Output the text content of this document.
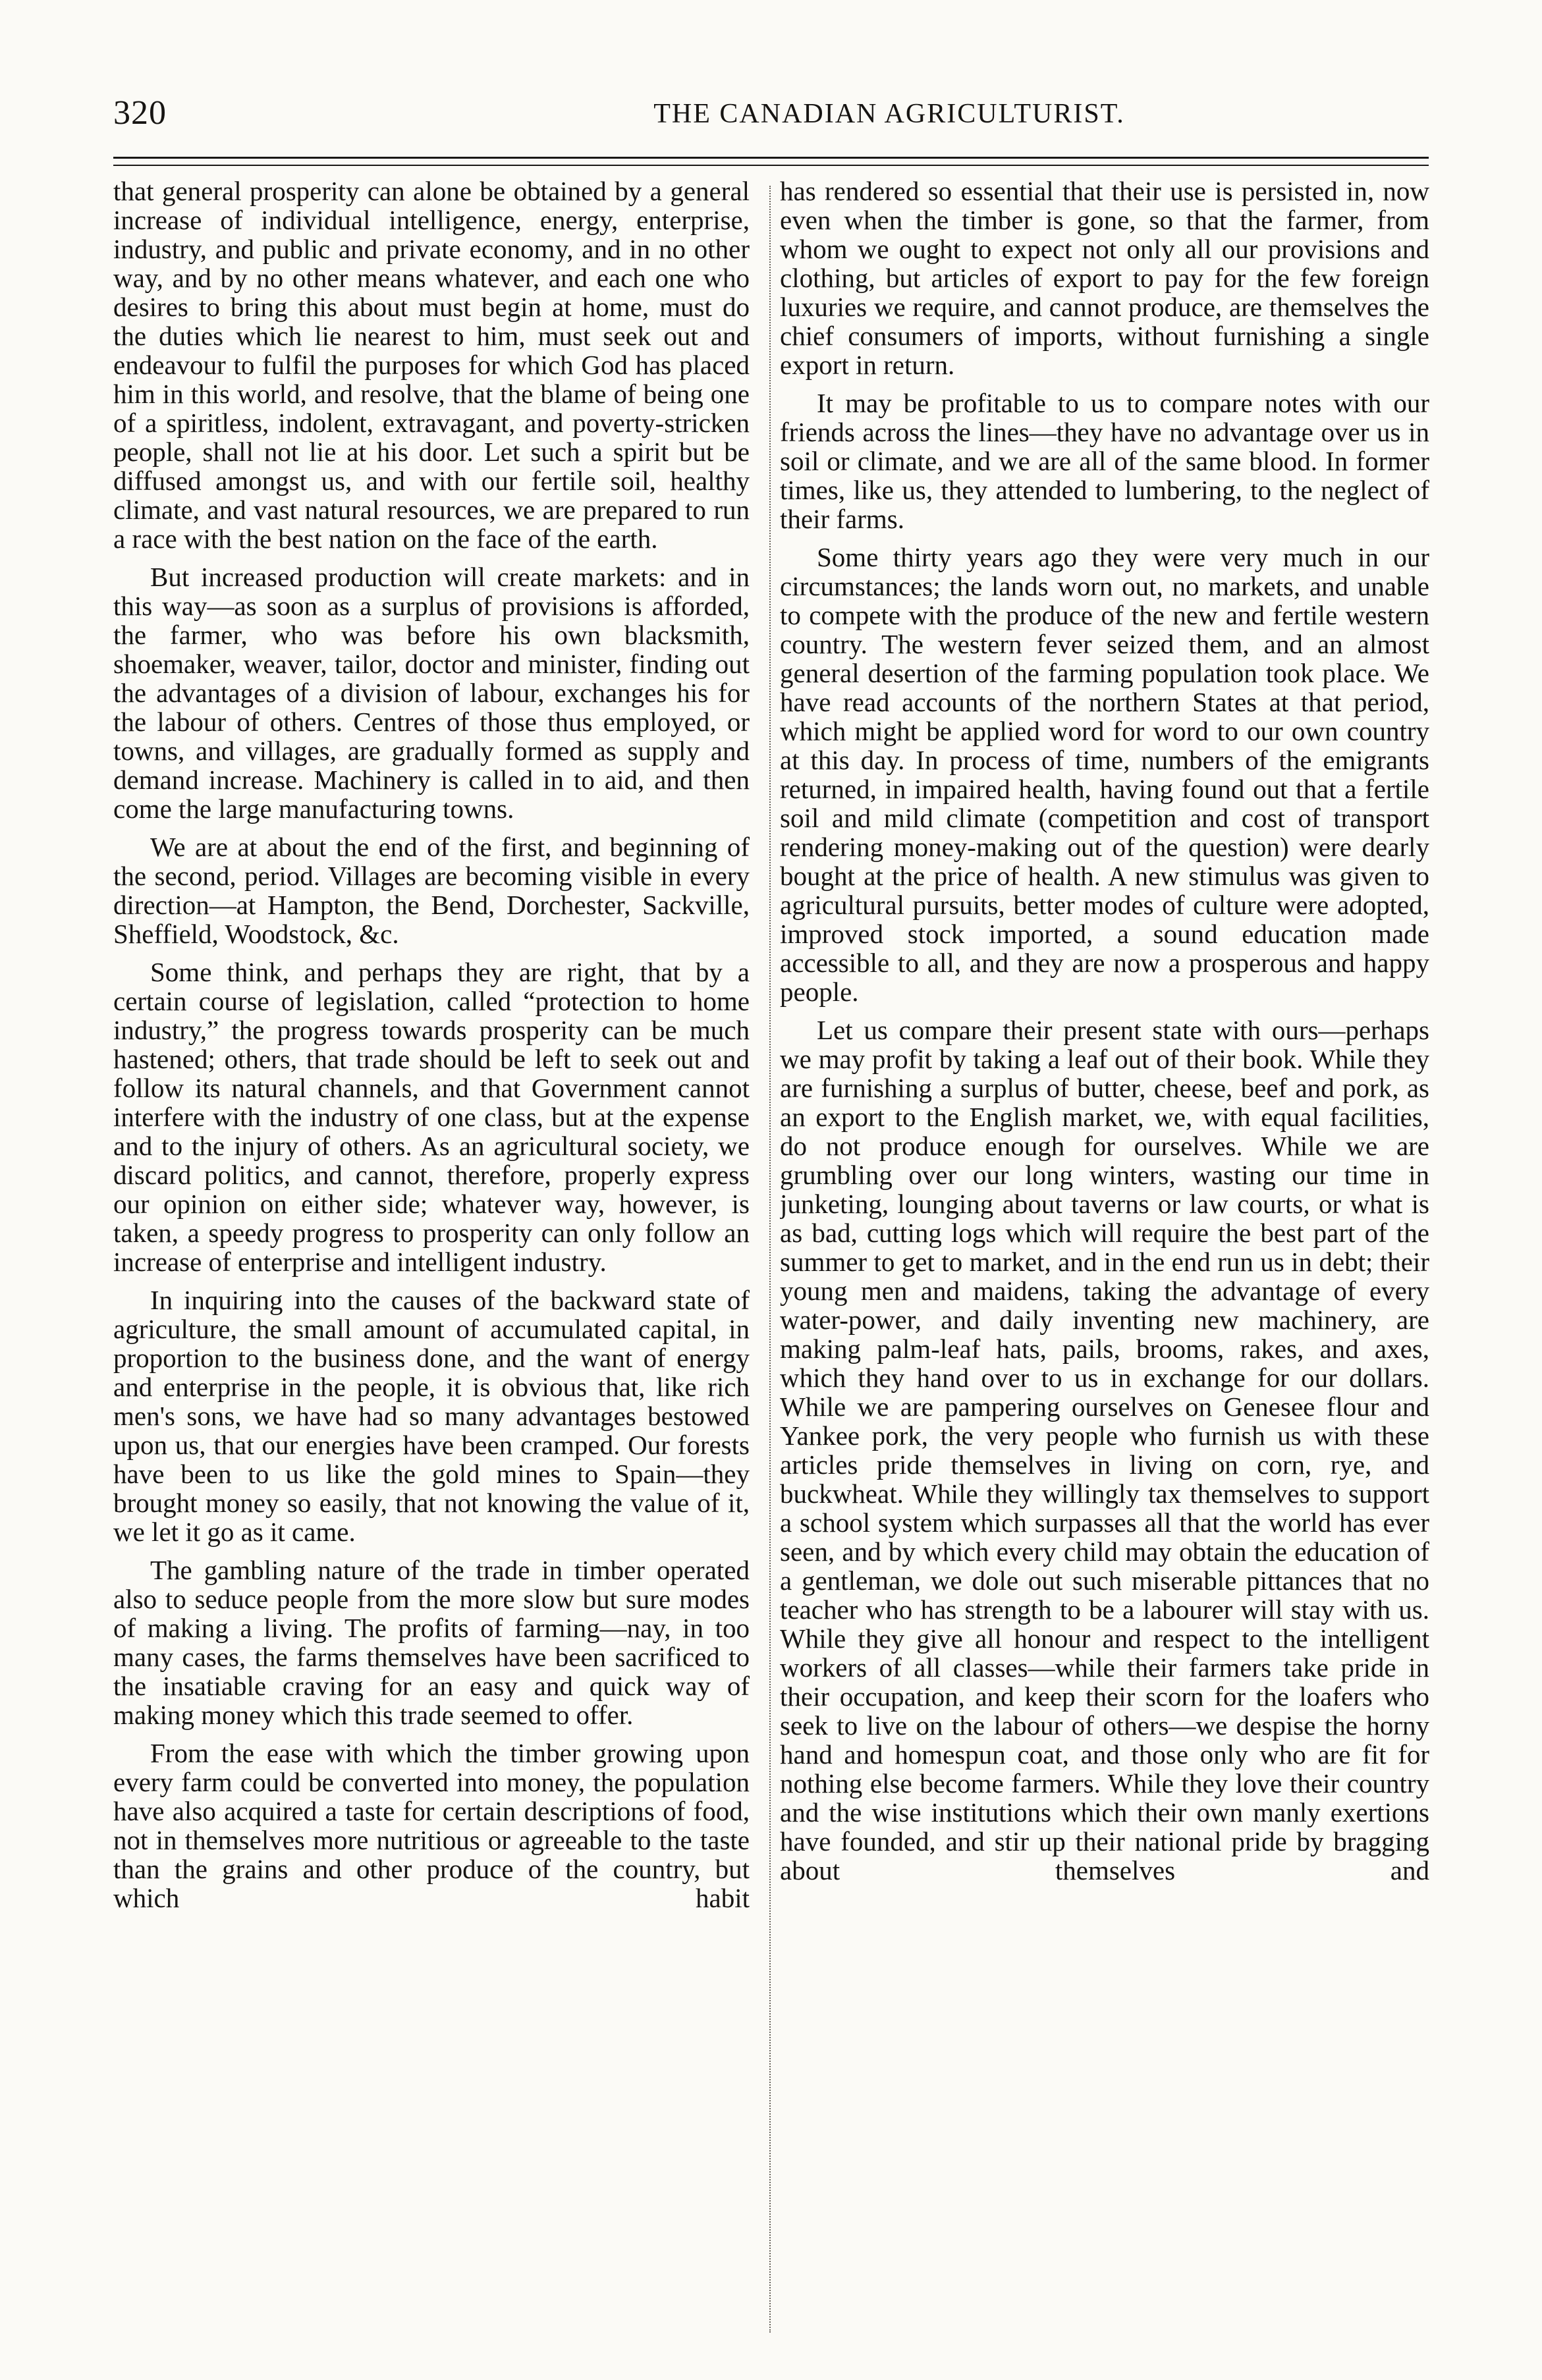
320	THE CANADIAN AGRICULTURIST.

that general prosperity can alone be obtained by a general increase of individual intelligence, energy, enterprise, industry, and public and private economy, and in no other way, and by no other means whatever, and each one who desires to bring this about must begin at home, must do the duties which lie nearest to him, must seek out and endeavour to fulfil the purposes for which God has placed him in this world, and resolve, that the blame of being one of a spiritless, indolent, extravagant, and poverty-stricken people, shall not lie at his door. Let such a spirit but be diffused amongst us, and with our fertile soil, healthy climate, and vast natural resources, we are prepared to run a race with the best nation on the face of the earth.

But increased production will create markets: and in this way—as soon as a surplus of provisions is afforded, the farmer, who was before his own blacksmith, shoemaker, weaver, tailor, doctor and minister, finding out the advantages of a division of labour, exchanges his for the labour of others. Centres of those thus employed, or towns, and villages, are gradually formed as supply and demand increase. Machinery is called in to aid, and then come the large manufacturing towns.

We are at about the end of the first, and beginning of the second, period. Villages are becoming visible in every direction—at Hampton, the Bend, Dorchester, Sackville, Sheffield, Woodstock, &c.

Some think, and perhaps they are right, that by a certain course of legislation, called “protection to home industry,” the progress towards prosperity can be much hastened; others, that trade should be left to seek out and follow its natural channels, and that Government cannot interfere with the industry of one class, but at the expense and to the injury of others. As an agricultural society, we discard politics, and cannot, therefore, properly express our opinion on either side; whatever way, however, is taken, a speedy progress to prosperity can only follow an increase of enterprise and intelligent industry.

In inquiring into the causes of the backward state of agriculture, the small amount of accumulated capital, in proportion to the business done, and the want of energy and enterprise in the people, it is obvious that, like rich men's sons, we have had so many advantages bestowed upon us, that our energies have been cramped. Our forests have been to us like the gold mines to Spain—they brought money so easily, that not knowing the value of it, we let it go as it came.

The gambling nature of the trade in timber operated also to seduce people from the more slow but sure modes of making a living. The profits of farming—nay, in too many cases, the farms themselves have been sacrificed to the insatiable craving for an easy and quick way of making money which this trade seemed to offer.

From the ease with which the timber growing upon every farm could be converted into money, the population have also acquired a taste for certain descriptions of food, not in themselves more nutritious or agreeable to the taste than the grains and other produce of the country, but which habit

has rendered so essential that their use is persisted in, now even when the timber is gone, so that the farmer, from whom we ought to expect not only all our provisions and clothing, but articles of export to pay for the few foreign luxuries we require, and cannot produce, are themselves the chief consumers of imports, without furnishing a single export in return.

It may be profitable to us to compare notes with our friends across the lines—they have no advantage over us in soil or climate, and we are all of the same blood. In former times, like us, they attended to lumbering, to the neglect of their farms.

Some thirty years ago they were very much in our circumstances; the lands worn out, no markets, and unable to compete with the produce of the new and fertile western country. The western fever seized them, and an almost general desertion of the farming population took place. We have read accounts of the northern States at that period, which might be applied word for word to our own country at this day. In process of time, numbers of the emigrants returned, in impaired health, having found out that a fertile soil and mild climate (competition and cost of transport rendering money-making out of the question) were dearly bought at the price of health. A new stimulus was given to agricultural pursuits, better modes of culture were adopted, improved stock imported, a sound education made accessible to all, and they are now a prosperous and happy people.

Let us compare their present state with ours—perhaps we may profit by taking a leaf out of their book. While they are furnishing a surplus of butter, cheese, beef and pork, as an export to the English market, we, with equal facilities, do not produce enough for ourselves. While we are grumbling over our long winters, wasting our time in junketing, lounging about taverns or law courts, or what is as bad, cutting logs which will require the best part of the summer to get to market, and in the end run us in debt; their young men and maidens, taking the advantage of every water-power, and daily inventing new machinery, are making palm-leaf hats, pails, brooms, rakes, and axes, which they hand over to us in exchange for our dollars. While we are pampering ourselves on Genesee flour and Yankee pork, the very people who furnish us with these articles pride themselves in living on corn, rye, and buckwheat. While they willingly tax themselves to support a school system which surpasses all that the world has ever seen, and by which every child may obtain the education of a gentleman, we dole out such miserable pittances that no teacher who has strength to be a labourer will stay with us. While they give all honour and respect to the intelligent workers of all classes—while their farmers take pride in their occupation, and keep their scorn for the loafers who seek to live on the labour of others—we despise the horny hand and homespun coat, and those only who are fit for nothing else become farmers. While they love their country and the wise institutions which their own manly exertions have founded, and stir up their national pride by bragging about themselves and
